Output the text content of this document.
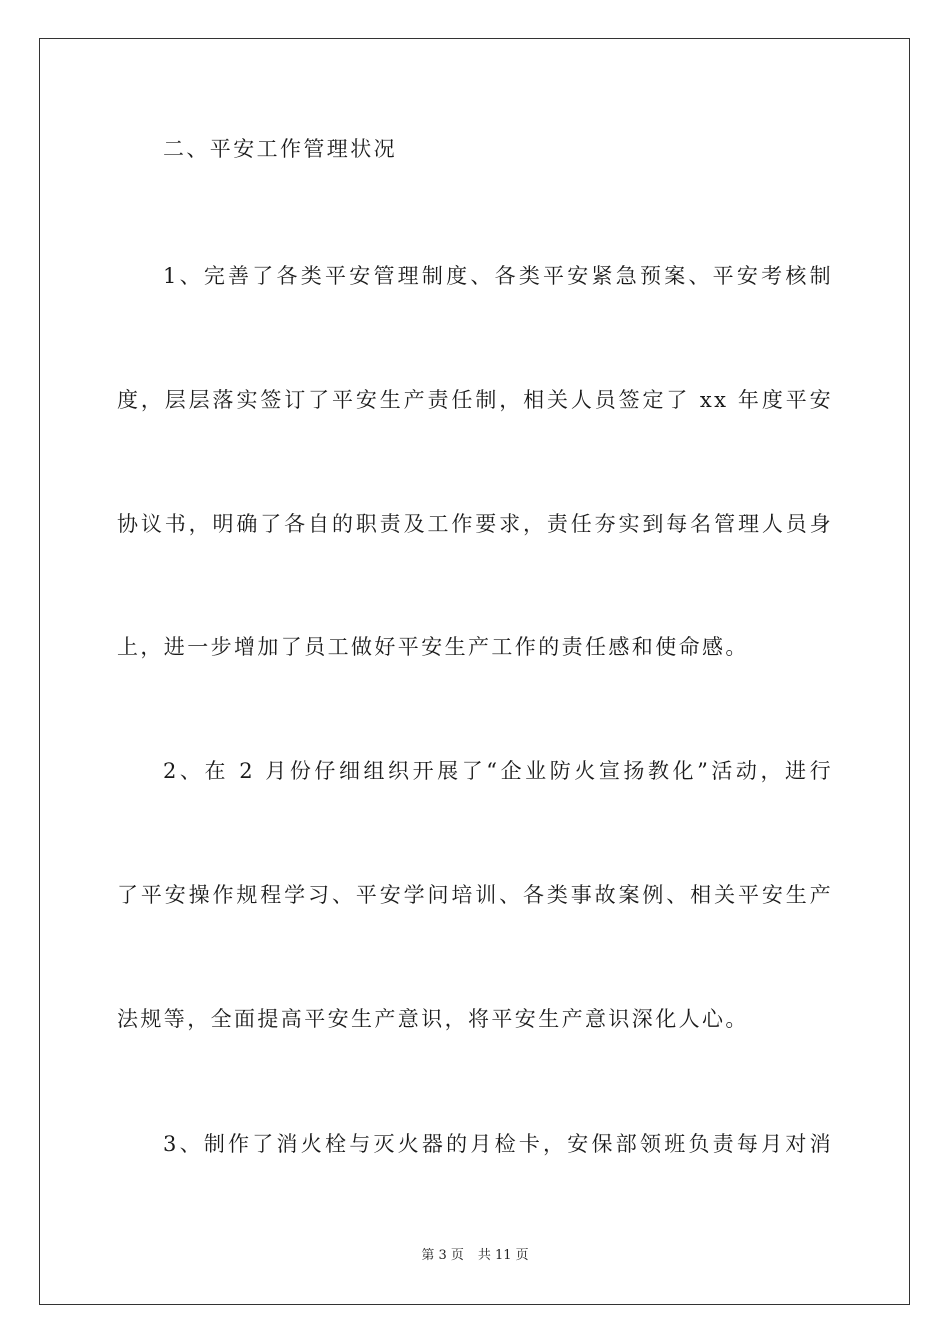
二、平安工作管理状况
1、完善了各类平安管理制度、各类平安紧急预案、平安考核制
度，层层落实签订了平安生产责任制，相关人员签定了 xx 年度平安
协议书，明确了各自的职责及工作要求，责任夯实到每名管理人员身
上，进一步增加了员工做好平安生产工作的责任感和使命感。
2、在 2 月份仔细组织开展了“企业防火宣扬教化”活动，进行
了平安操作规程学习、平安学问培训、各类事故案例、相关平安生产
法规等，全面提高平安生产意识，将平安生产意识深化人心。
3、制作了消火栓与灭火器的月检卡，安保部领班负责每月对消
第 3 页 共 11 页
